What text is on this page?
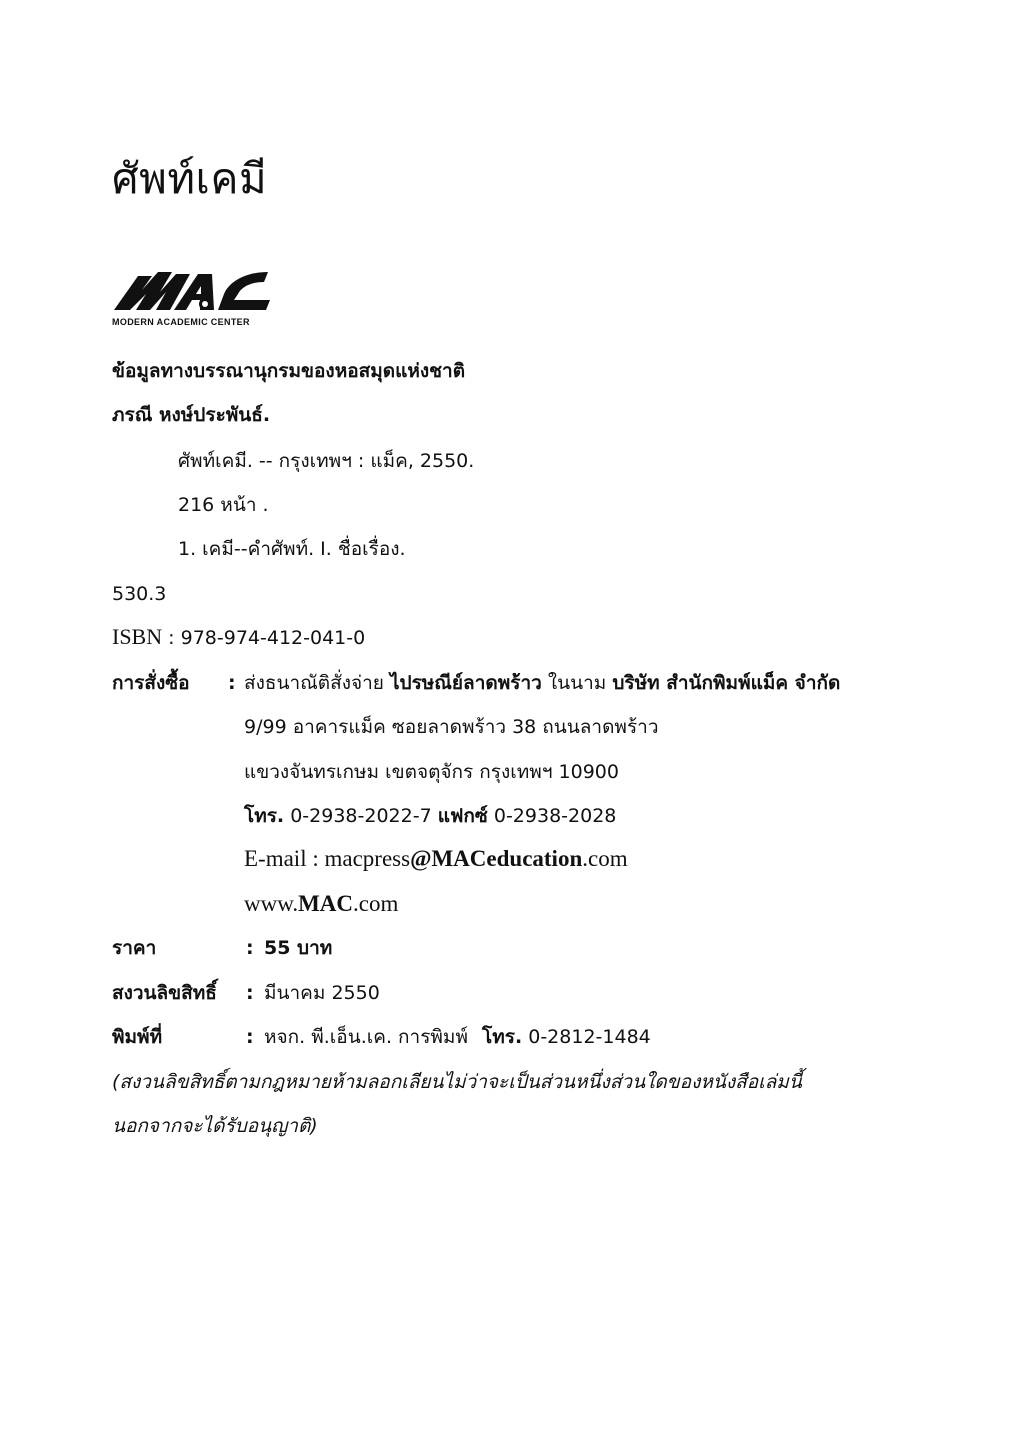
ศัพท์เคมี
MODERN ACADEMIC CENTER
ข้อมูลทางบรรณานุกรมของหอสมุดแห่งชาติ
ภรณี หงษ์ประพันธ์.
ศัพท์เคมี. -- กรุงเทพฯ : แม็ค, 2550.
216 หน้า .
1. เคมี--คำศัพท์. I. ชื่อเรื่อง.
530.3
ISBN : 978-974-412-041-0
การสั่งซื้อ : ส่งธนาณัติสั่งจ่าย ไปรษณีย์ลาดพร้าว ในนาม บริษัท สำนักพิมพ์แม็ค จำกัด
9/99 อาคารแม็ค ซอยลาดพร้าว 38 ถนนลาดพร้าว
แขวงจันทรเกษม เขตจตุจักร กรุงเทพฯ 10900
โทร. 0-2938-2022-7 แฟกซ์ 0-2938-2028
E-mail : macpress@MACeducation.com
www.MAC.com
ราคา	: 55 บาท
สงวนลิขสิทธิ์ : มีนาคม 2550
พิมพ์ที่	: หจก. พี.เอ็น.เค. การพิมพ์ โทร. 0-2812-1484
(สงวนลิขสิทธิ์ตามกฎหมายห้ามลอกเลียนไม่ว่าจะเป็นส่วนหนึ่งส่วนใดของหนังสือเล่มนี้
นอกจากจะได้รับอนุญาติ)
